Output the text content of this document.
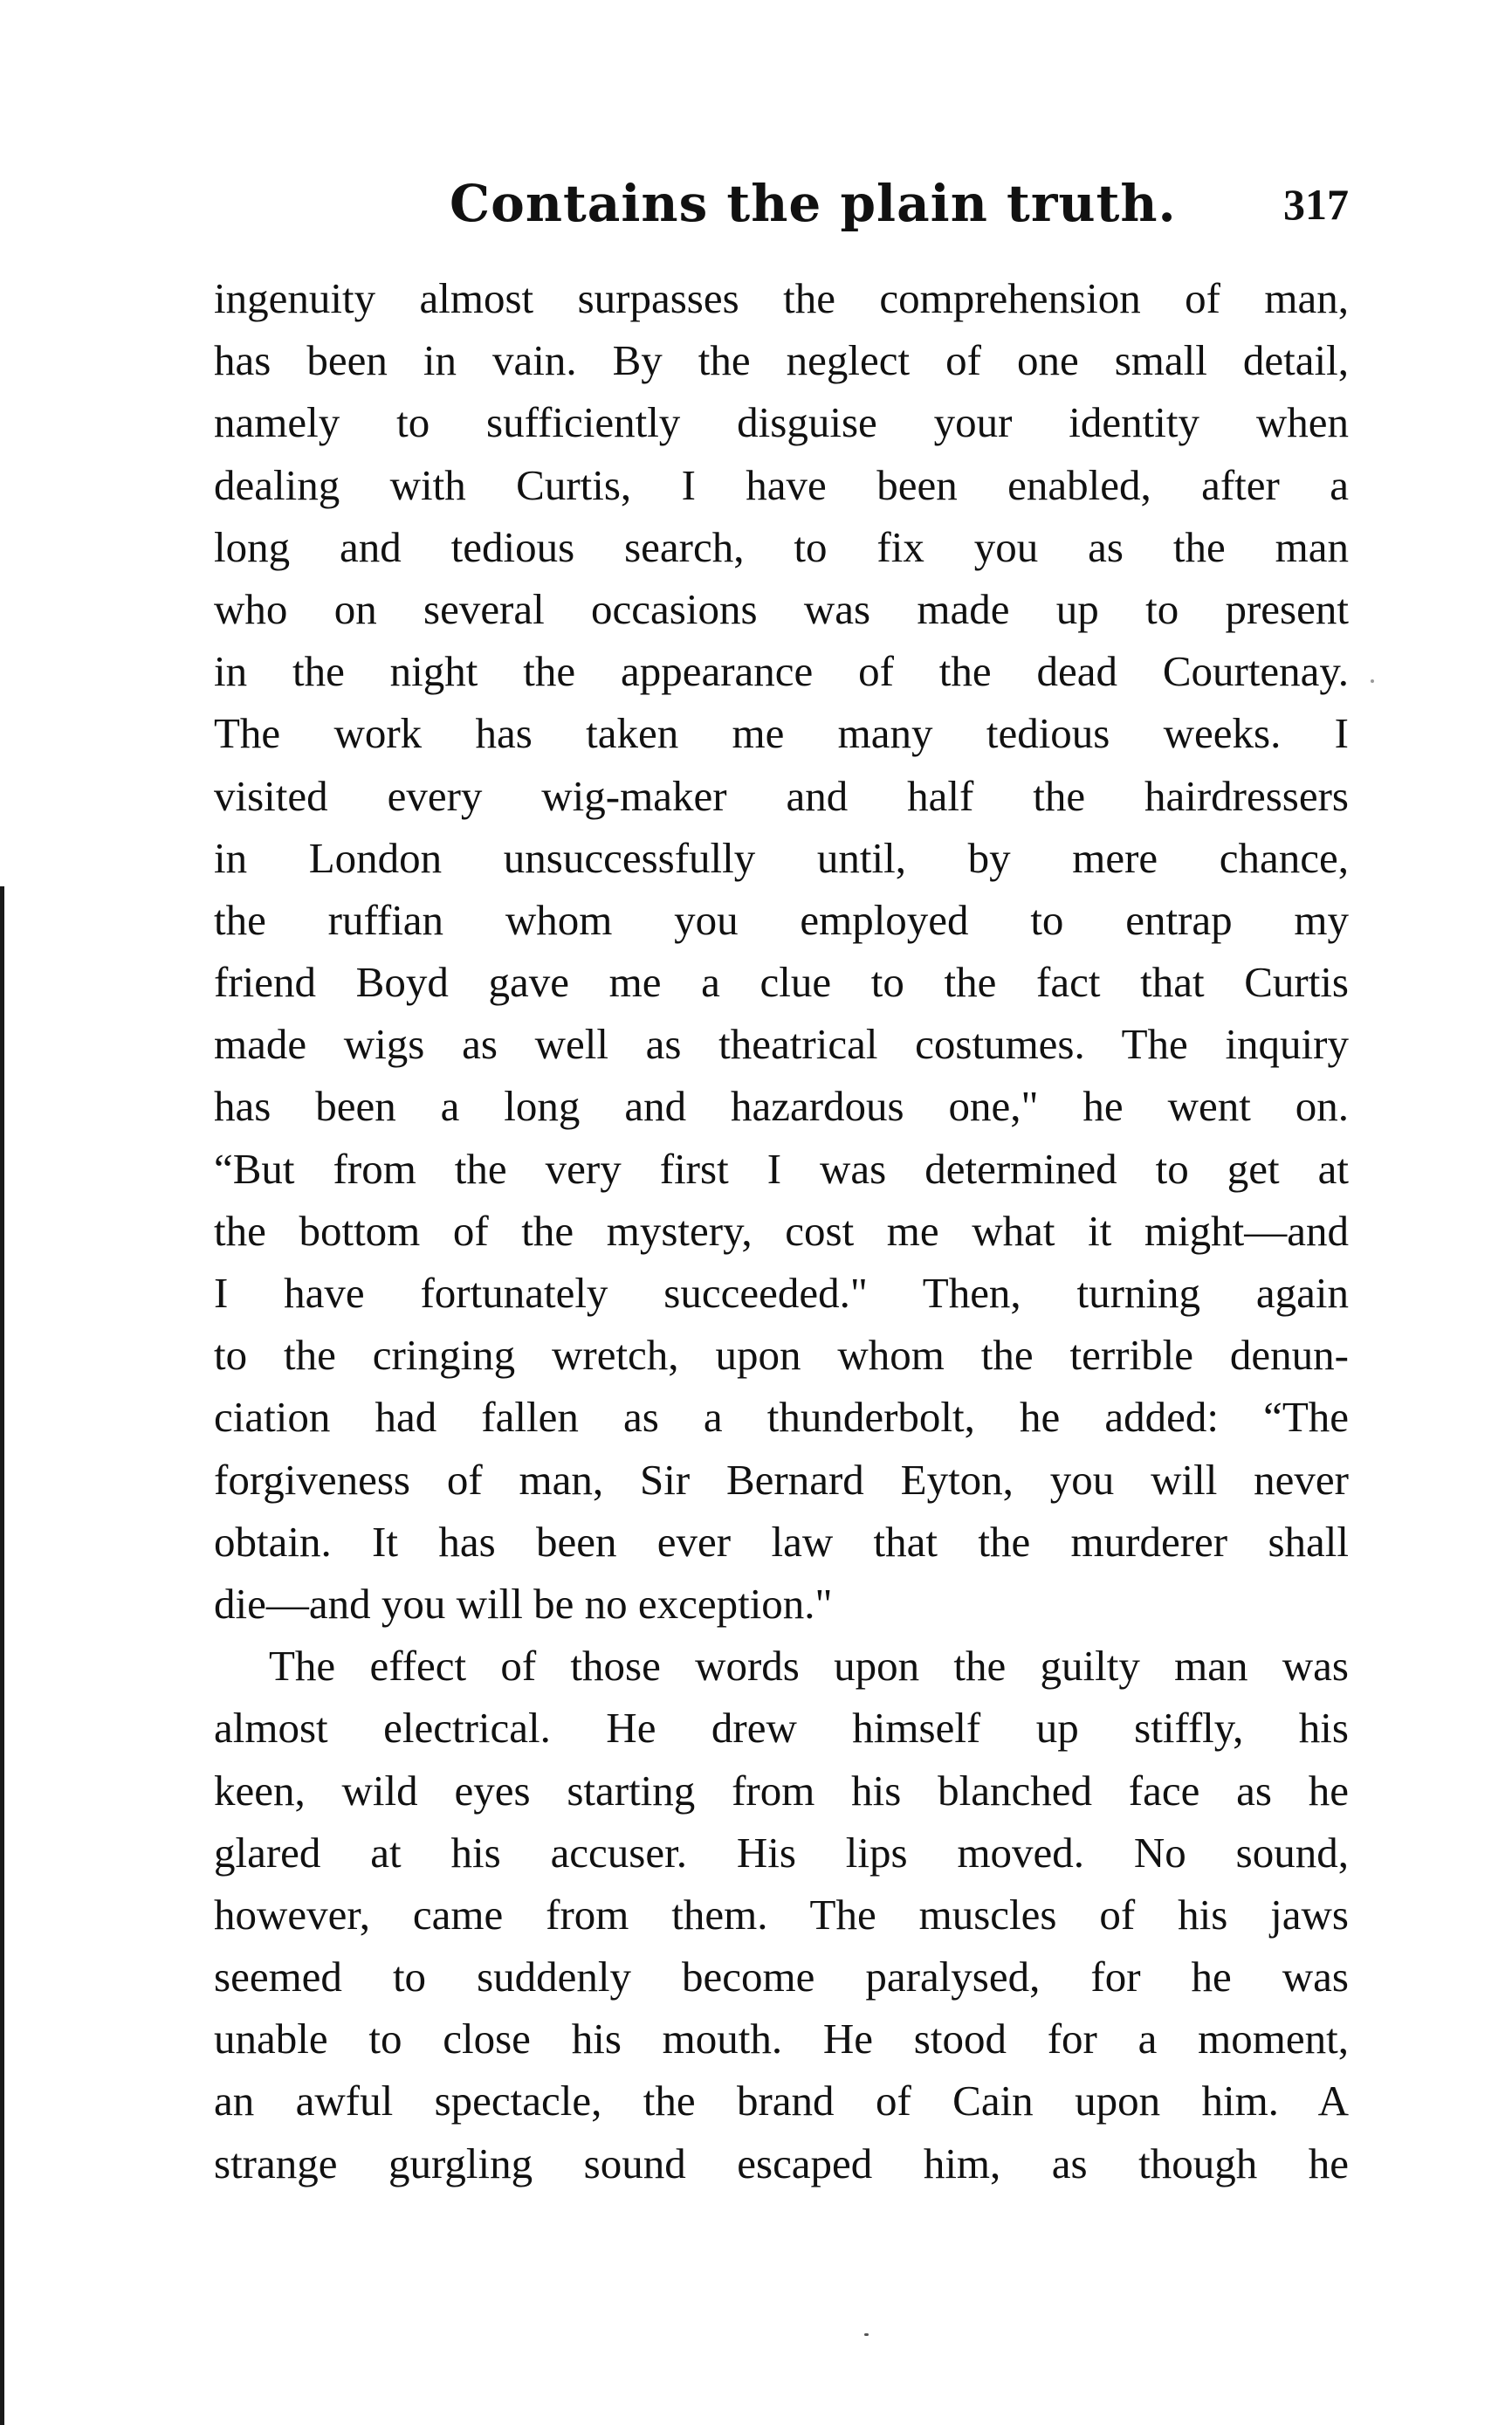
Contains the plain truth. 317
ingenuity almost surpasses the comprehension of man,
has been in vain. By the neglect of one small detail,
namely to sufficiently disguise your identity when
dealing with Curtis, I have been enabled, after a
long and tedious search, to fix you as the man
who on several occasions was made up to present
in the night the appearance of the dead Courtenay.
The work has taken me many tedious weeks. I
visited every wig-maker and half the hairdressers
in London unsuccessfully until, by mere chance,
the ruffian whom you employed to entrap my
friend Boyd gave me a clue to the fact that Curtis
made wigs as well as theatrical costumes. The inquiry
has been a long and hazardous one," he went on.
“But from the very first I was determined to get at
the bottom of the mystery, cost me what it might—and
I have fortunately succeeded." Then, turning again
to the cringing wretch, upon whom the terrible denun-
ciation had fallen as a thunderbolt, he added: “The
forgiveness of man, Sir Bernard Eyton, you will never
obtain. It has been ever law that the murderer shall
die—and you will be no exception."
The effect of those words upon the guilty man was
almost electrical. He drew himself up stiffly, his
keen, wild eyes starting from his blanched face as he
glared at his accuser. His lips moved. No sound,
however, came from them. The muscles of his jaws
seemed to suddenly become paralysed, for he was
unable to close his mouth. He stood for a moment,
an awful spectacle, the brand of Cain upon him. A
strange gurgling sound escaped him, as though he
